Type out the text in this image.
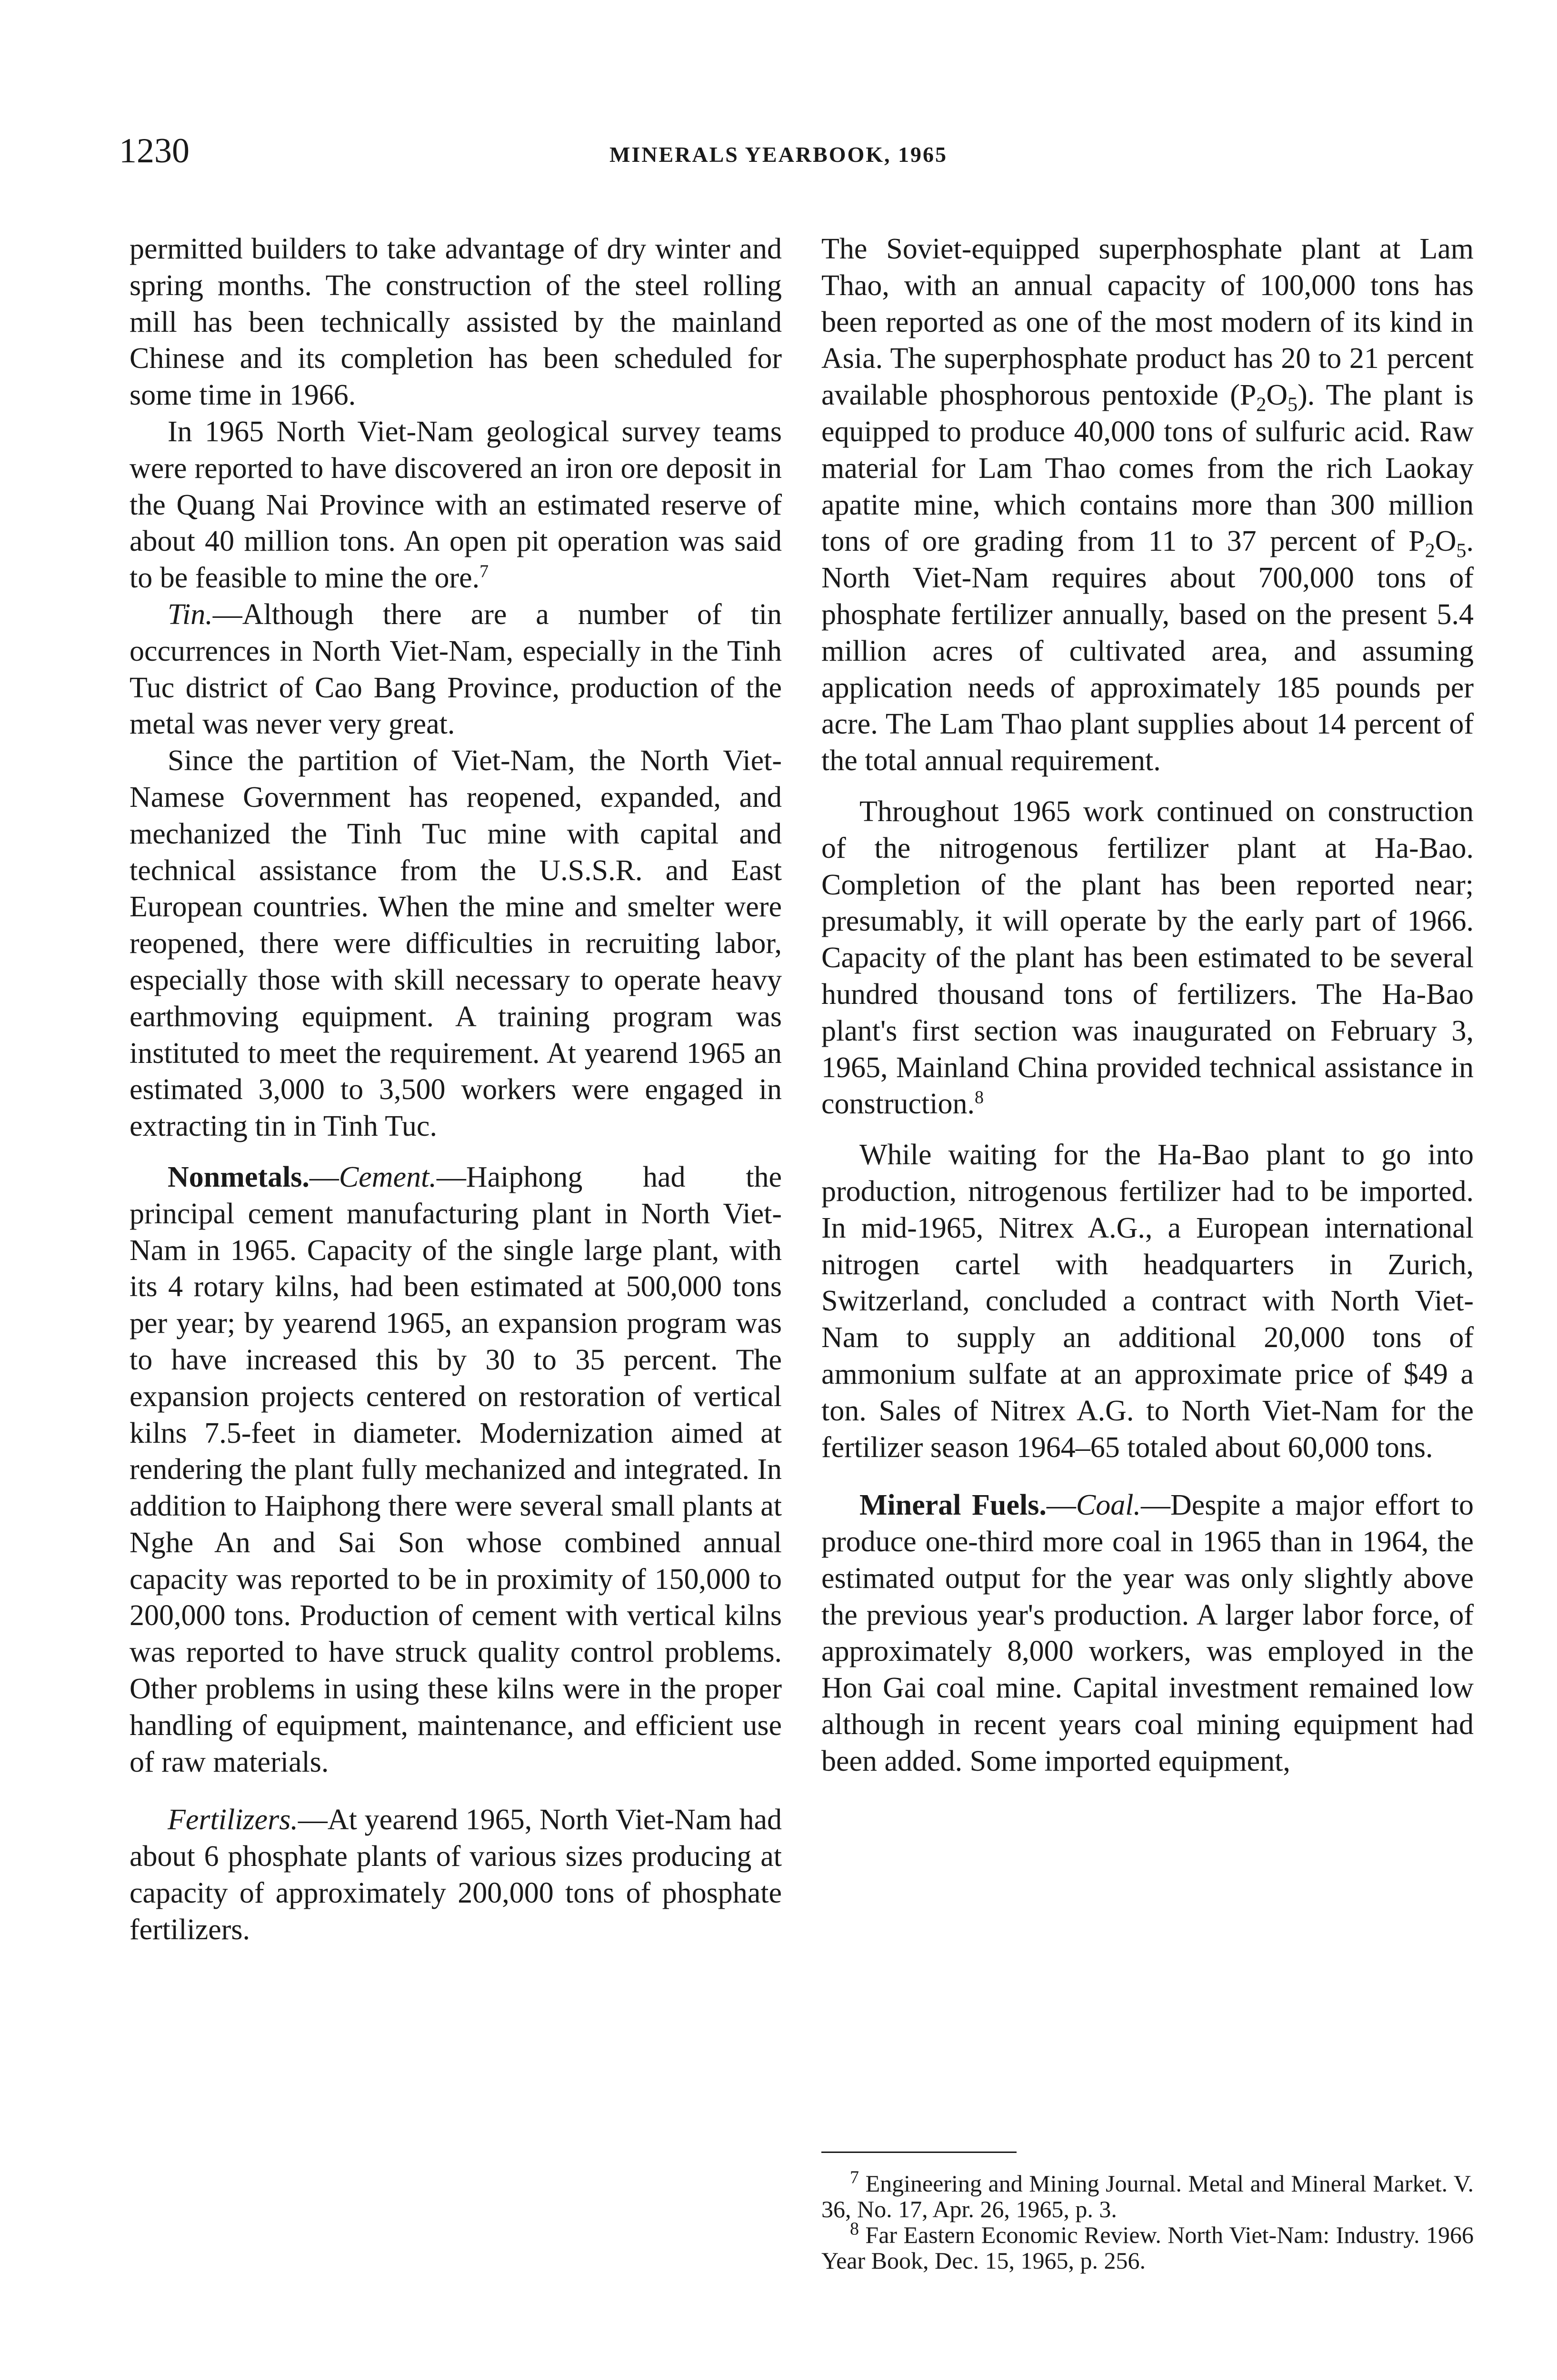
1230	MINERALS YEARBOOK, 1965

permitted builders to take advantage of dry winter and spring months. The construction of the steel rolling mill has been technically assisted by the mainland Chinese and its completion has been scheduled for some time in 1966.

In 1965 North Viet-Nam geological survey teams were reported to have discovered an iron ore deposit in the Quang Nai Province with an estimated reserve of about 40 million tons. An open pit operation was said to be feasible to mine the ore.$^7$

Tin.—Although there are a number of tin occurrences in North Viet-Nam, especially in the Tinh Tuc district of Cao Bang Province, production of the metal was never very great.

Since the partition of Viet-Nam, the North Viet-Namese Government has reopened, expanded, and mechanized the Tinh Tuc mine with capital and technical assistance from the U.S.S.R. and East European countries. When the mine and smelter were reopened, there were difficulties in recruiting labor, especially those with skill necessary to operate heavy earthmoving equipment. A training program was instituted to meet the requirement. At yearend 1965 an estimated 3,000 to 3,500 workers were engaged in extracting tin in Tinh Tuc.

Nonmetals.—Cement.—Haiphong had the principal cement manufacturing plant in North Viet-Nam in 1965. Capacity of the single large plant, with its 4 rotary kilns, had been estimated at 500,000 tons per year; by yearend 1965, an expansion program was to have increased this by 30 to 35 percent. The expansion projects centered on restoration of vertical kilns 7.5-feet in diameter. Modernization aimed at rendering the plant fully mechanized and integrated. In addition to Haiphong there were several small plants at Nghe An and Sai Son whose combined annual capacity was reported to be in proximity of 150,000 to 200,000 tons. Production of cement with vertical kilns was reported to have struck quality control problems. Other problems in using these kilns were in the proper handling of equipment, maintenance, and efficient use of raw materials.

Fertilizers.—At yearend 1965, North Viet-Nam had about 6 phosphate plants of various sizes producing at capacity of approximately 200,000 tons of phosphate fertilizers.

The Soviet-equipped superphosphate plant at Lam Thao, with an annual capacity of 100,000 tons has been reported as one of the most modern of its kind in Asia. The superphosphate product has 20 to 21 percent available phosphorous pentoxide $(P_2O_5)$. The plant is equipped to produce 40,000 tons of sulfuric acid. Raw material for Lam Thao comes from the rich Laokay apatite mine, which contains more than 300 million tons of ore grading from 11 to 37 percent of $P_2O_5$. North Viet-Nam requires about 700,000 tons of phosphate fertilizer annually, based on the present 5.4 million acres of cultivated area, and assuming application needs of approximately 185 pounds per acre. The Lam Thao plant supplies about 14 percent of the total annual requirement.

Throughout 1965 work continued on construction of the nitrogenous fertilizer plant at Ha-Bao. Completion of the plant has been reported near; presumably, it will operate by the early part of 1966. Capacity of the plant has been estimated to be several hundred thousand tons of fertilizers. The Ha-Bao plant's first section was inaugurated on February 3, 1965, Mainland China provided technical assistance in construction.$^8$

While waiting for the Ha-Bao plant to go into production, nitrogenous fertilizer had to be imported. In mid-1965, Nitrex A.G., a European international nitrogen cartel with headquarters in Zurich, Switzerland, concluded a contract with North Viet-Nam to supply an additional 20,000 tons of ammonium sulfate at an approximate price of $49 a ton. Sales of Nitrex A.G. to North Viet-Nam for the fertilizer season 1964–65 totaled about 60,000 tons.

Mineral Fuels.—Coal.—Despite a major effort to produce one-third more coal in 1965 than in 1964, the estimated output for the year was only slightly above the previous year's production. A larger labor force, of approximately 8,000 workers, was employed in the Hon Gai coal mine. Capital investment remained low although in recent years coal mining equipment had been added. Some imported equipment,

$^7$ Engineering and Mining Journal. Metal and Mineral Market. V. 36, No. 17, Apr. 26, 1965, p. 3.

$^8$ Far Eastern Economic Review. North Viet-Nam: Industry. 1966 Year Book, Dec. 15, 1965, p. 256.
